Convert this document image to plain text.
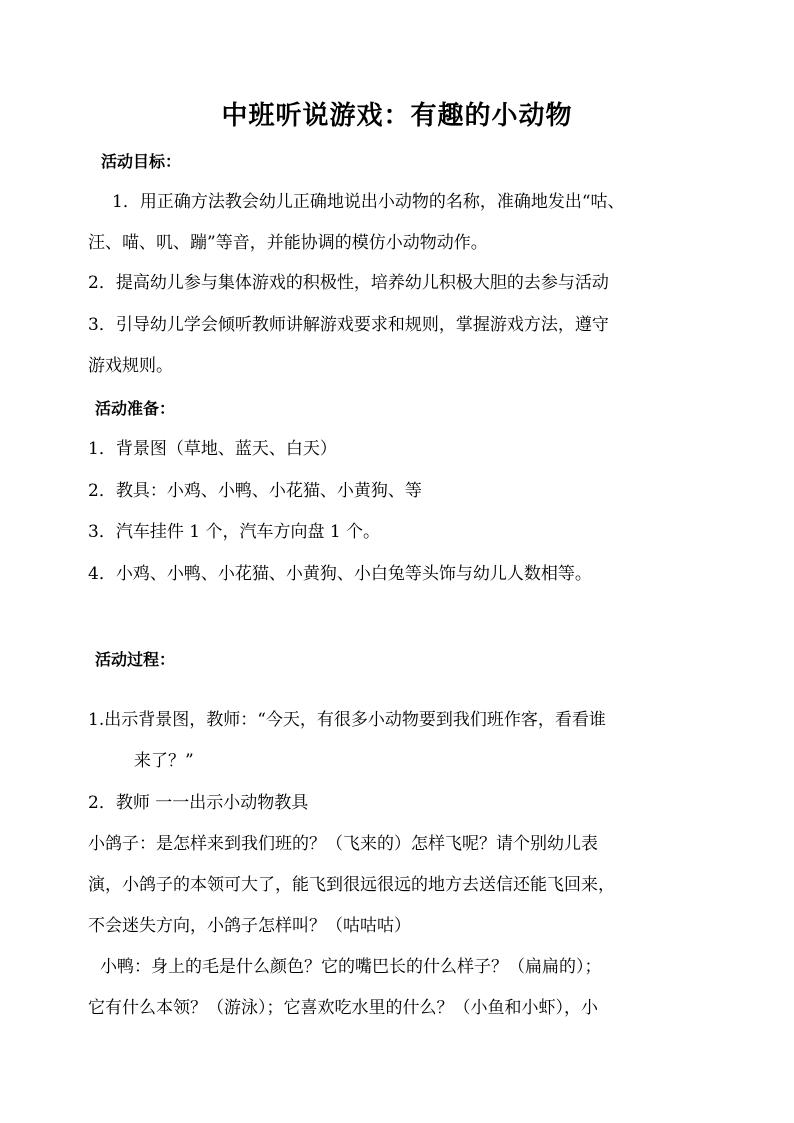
中班听说游戏：有趣的小动物
活动目标：
1．用正确方法教会幼儿正确地说出小动物的名称，准确地发出“咕、
汪、喵、叽、蹦”等音，并能协调的模仿小动物动作。
2．提高幼儿参与集体游戏的积极性，培养幼儿积极大胆的去参与活动
3．引导幼儿学会倾听教师讲解游戏要求和规则，掌握游戏方法，遵守
游戏规则。
活动准备：
1．背景图（草地、蓝天、白天）
2．教具：小鸡、小鸭、小花猫、小黄狗、等
3．汽车挂件 1 个，汽车方向盘 1 个。
4．小鸡、小鸭、小花猫、小黄狗、小白兔等头饰与幼儿人数相等。
活动过程：
1.出示背景图，教师：“今天，有很多小动物要到我们班作客，看看谁
来了？”
2．教师 一一出示小动物教具
小鸽子：是怎样来到我们班的？（飞来的）怎样飞呢？请个别幼儿表
演，小鸽子的本领可大了，能飞到很远很远的地方去送信还能飞回来，
不会迷失方向，小鸽子怎样叫？（咕咕咕）
小鸭：身上的毛是什么颜色？它的嘴巴长的什么样子？（扁扁的）；
它有什么本领？（游泳）；它喜欢吃水里的什么？（小鱼和小虾），小
